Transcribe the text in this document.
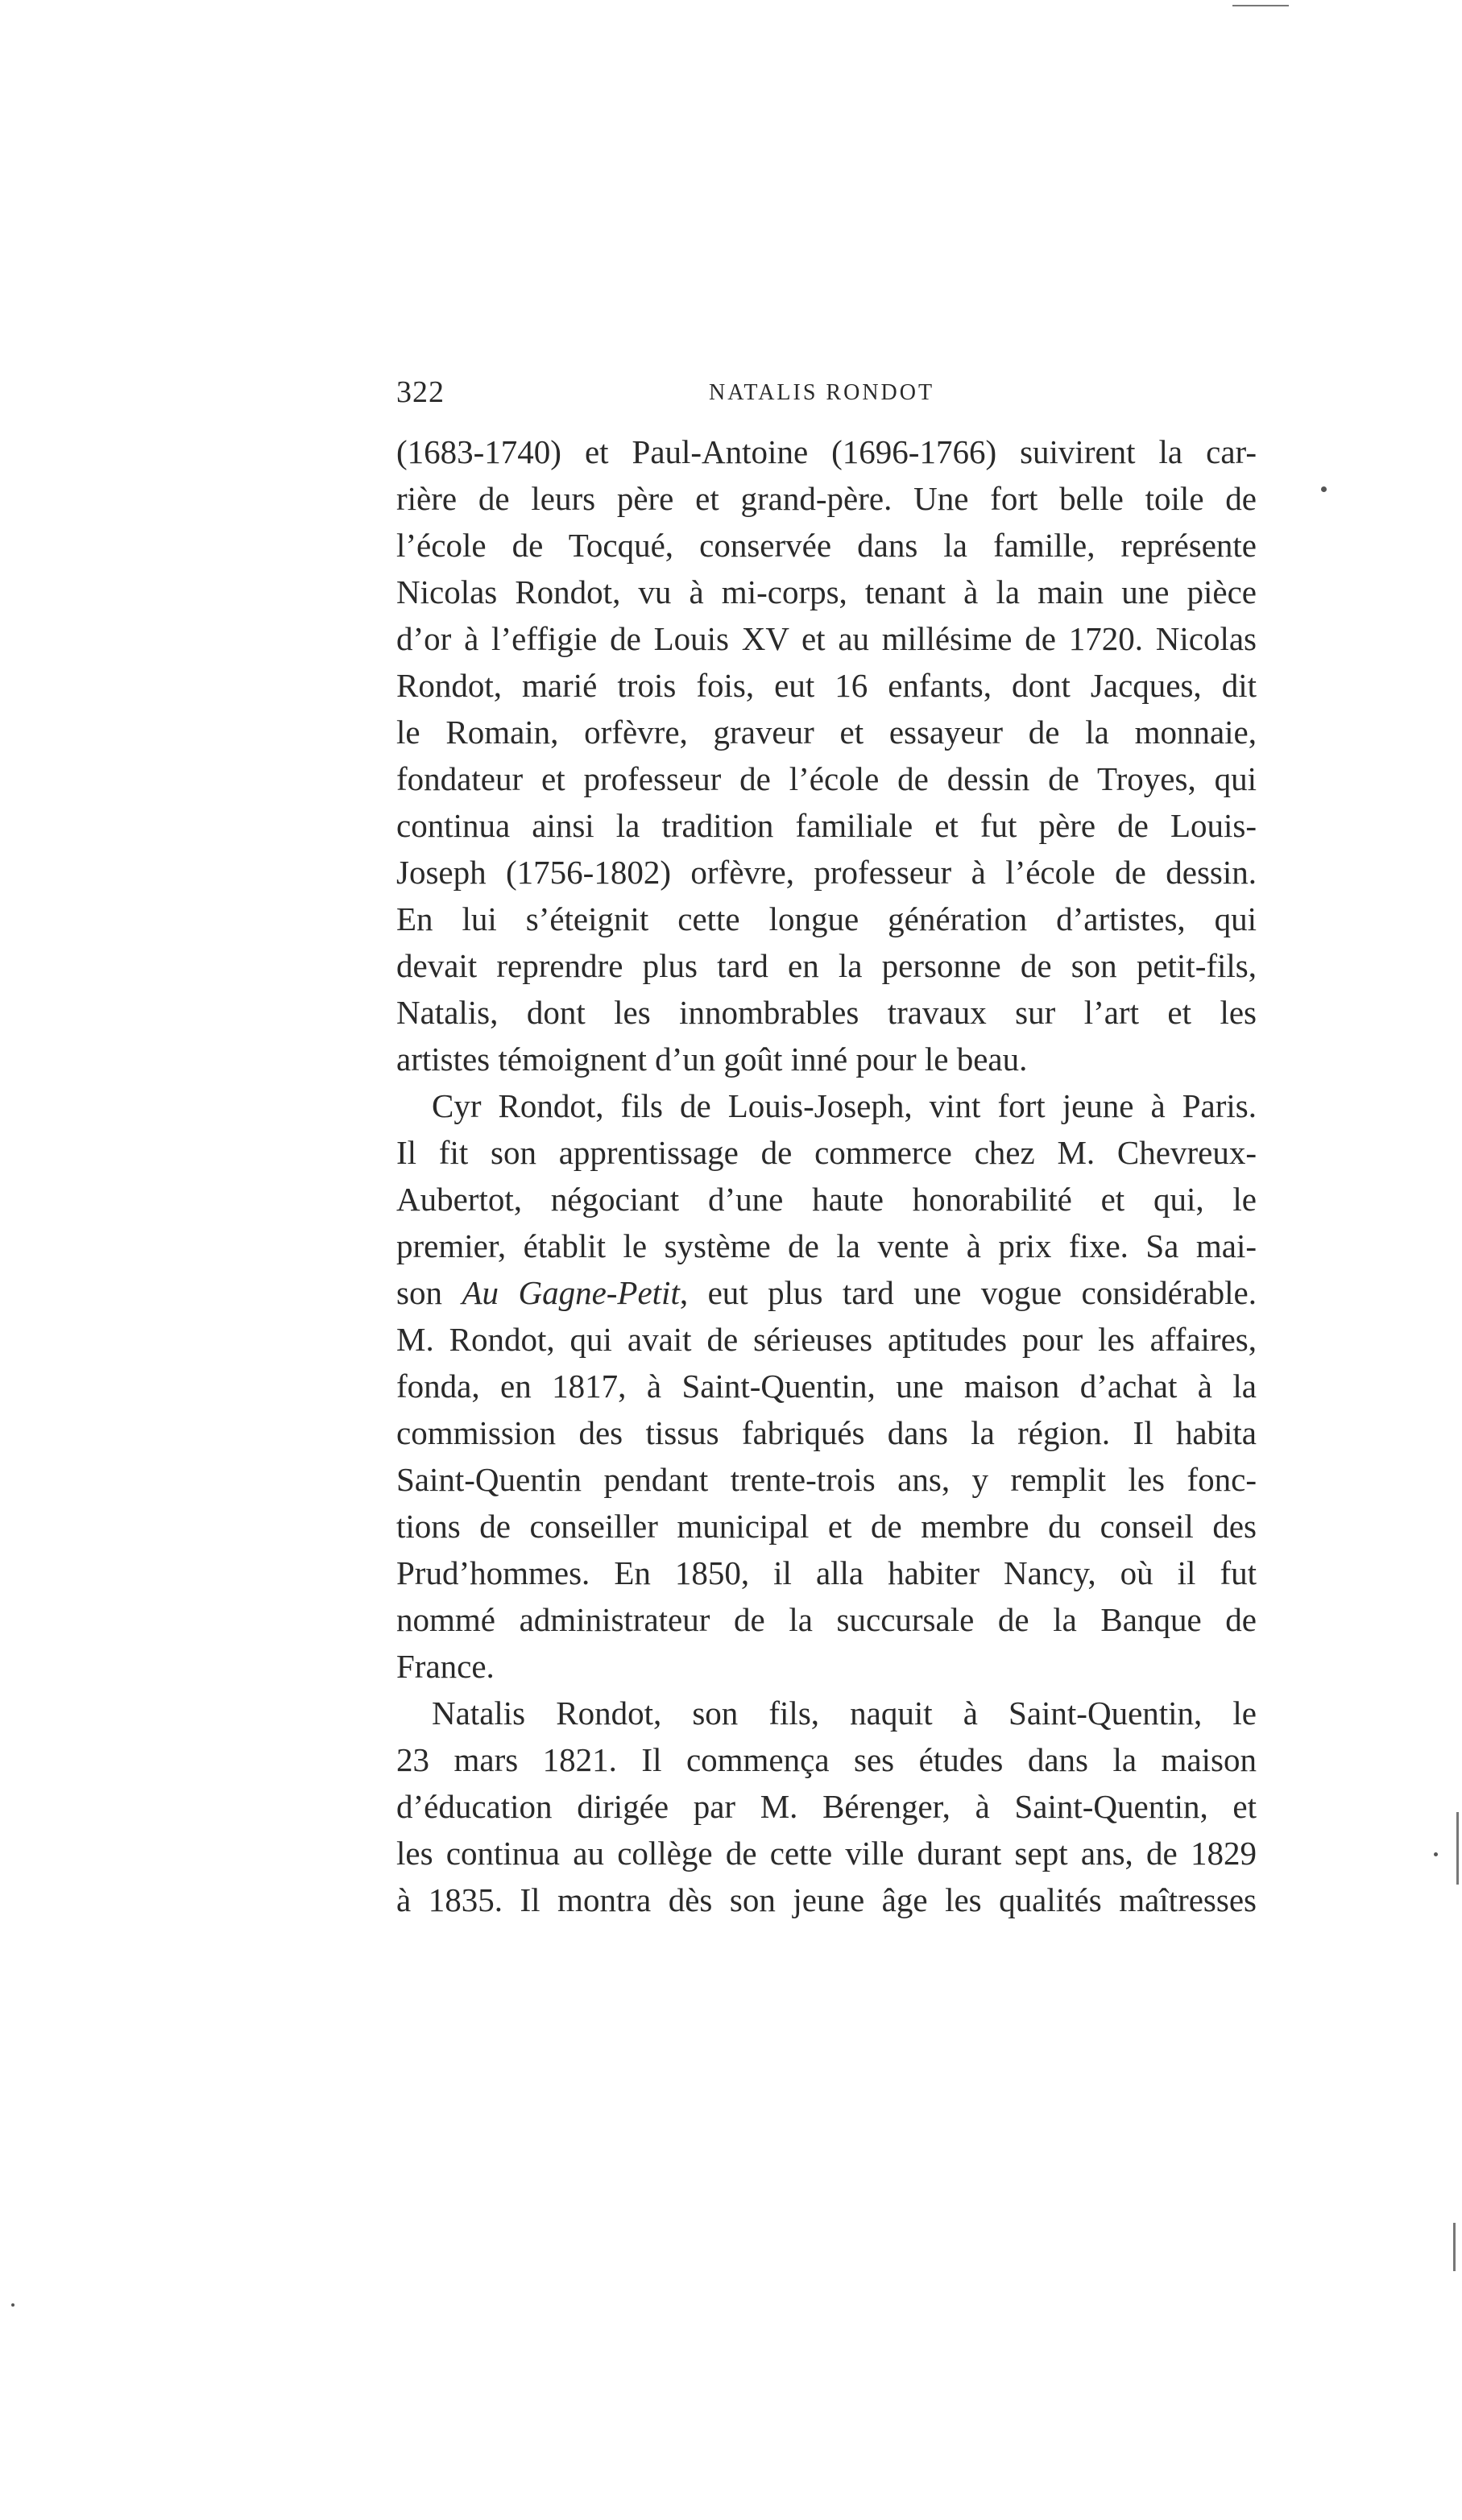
322	NATALIS RONDOT
(1683-1740) et Paul-Antoine (1696-1766) suivirent la car-
rière de leurs père et grand-père. Une fort belle toile de
l’école de Tocqué, conservée dans la famille, représente
Nicolas Rondot, vu à mi-corps, tenant à la main une pièce
d’or à l’effigie de Louis XV et au millésime de 1720. Nicolas
Rondot, marié trois fois, eut 16 enfants, dont Jacques, dit
le Romain, orfèvre, graveur et essayeur de la monnaie,
fondateur et professeur de l’école de dessin de Troyes, qui
continua ainsi la tradition familiale et fut père de Louis-
Joseph (1756-1802) orfèvre, professeur à l’école de dessin.
En lui s’éteignit cette longue génération d’artistes, qui
devait reprendre plus tard en la personne de son petit-fils,
Natalis, dont les innombrables travaux sur l’art et les
artistes témoignent d’un goût inné pour le beau.
Cyr Rondot, fils de Louis-Joseph, vint fort jeune à Paris.
Il fit son apprentissage de commerce chez M. Chevreux-
Aubertot, négociant d’une haute honorabilité et qui, le
premier, établit le système de la vente à prix fixe. Sa mai-
son Au Gagne-Petit, eut plus tard une vogue considérable.
M. Rondot, qui avait de sérieuses aptitudes pour les affaires,
fonda, en 1817, à Saint-Quentin, une maison d’achat à la
commission des tissus fabriqués dans la région. Il habita
Saint-Quentin pendant trente-trois ans, y remplit les fonc-
tions de conseiller municipal et de membre du conseil des
Prud’hommes. En 1850, il alla habiter Nancy, où il fut
nommé administrateur de la succursale de la Banque de
France.
Natalis Rondot, son fils, naquit à Saint-Quentin, le
23 mars 1821. Il commença ses études dans la maison
d’éducation dirigée par M. Bérenger, à Saint-Quentin, et
les continua au collège de cette ville durant sept ans, de 1829
à 1835. Il montra dès son jeune âge les qualités maîtresses
